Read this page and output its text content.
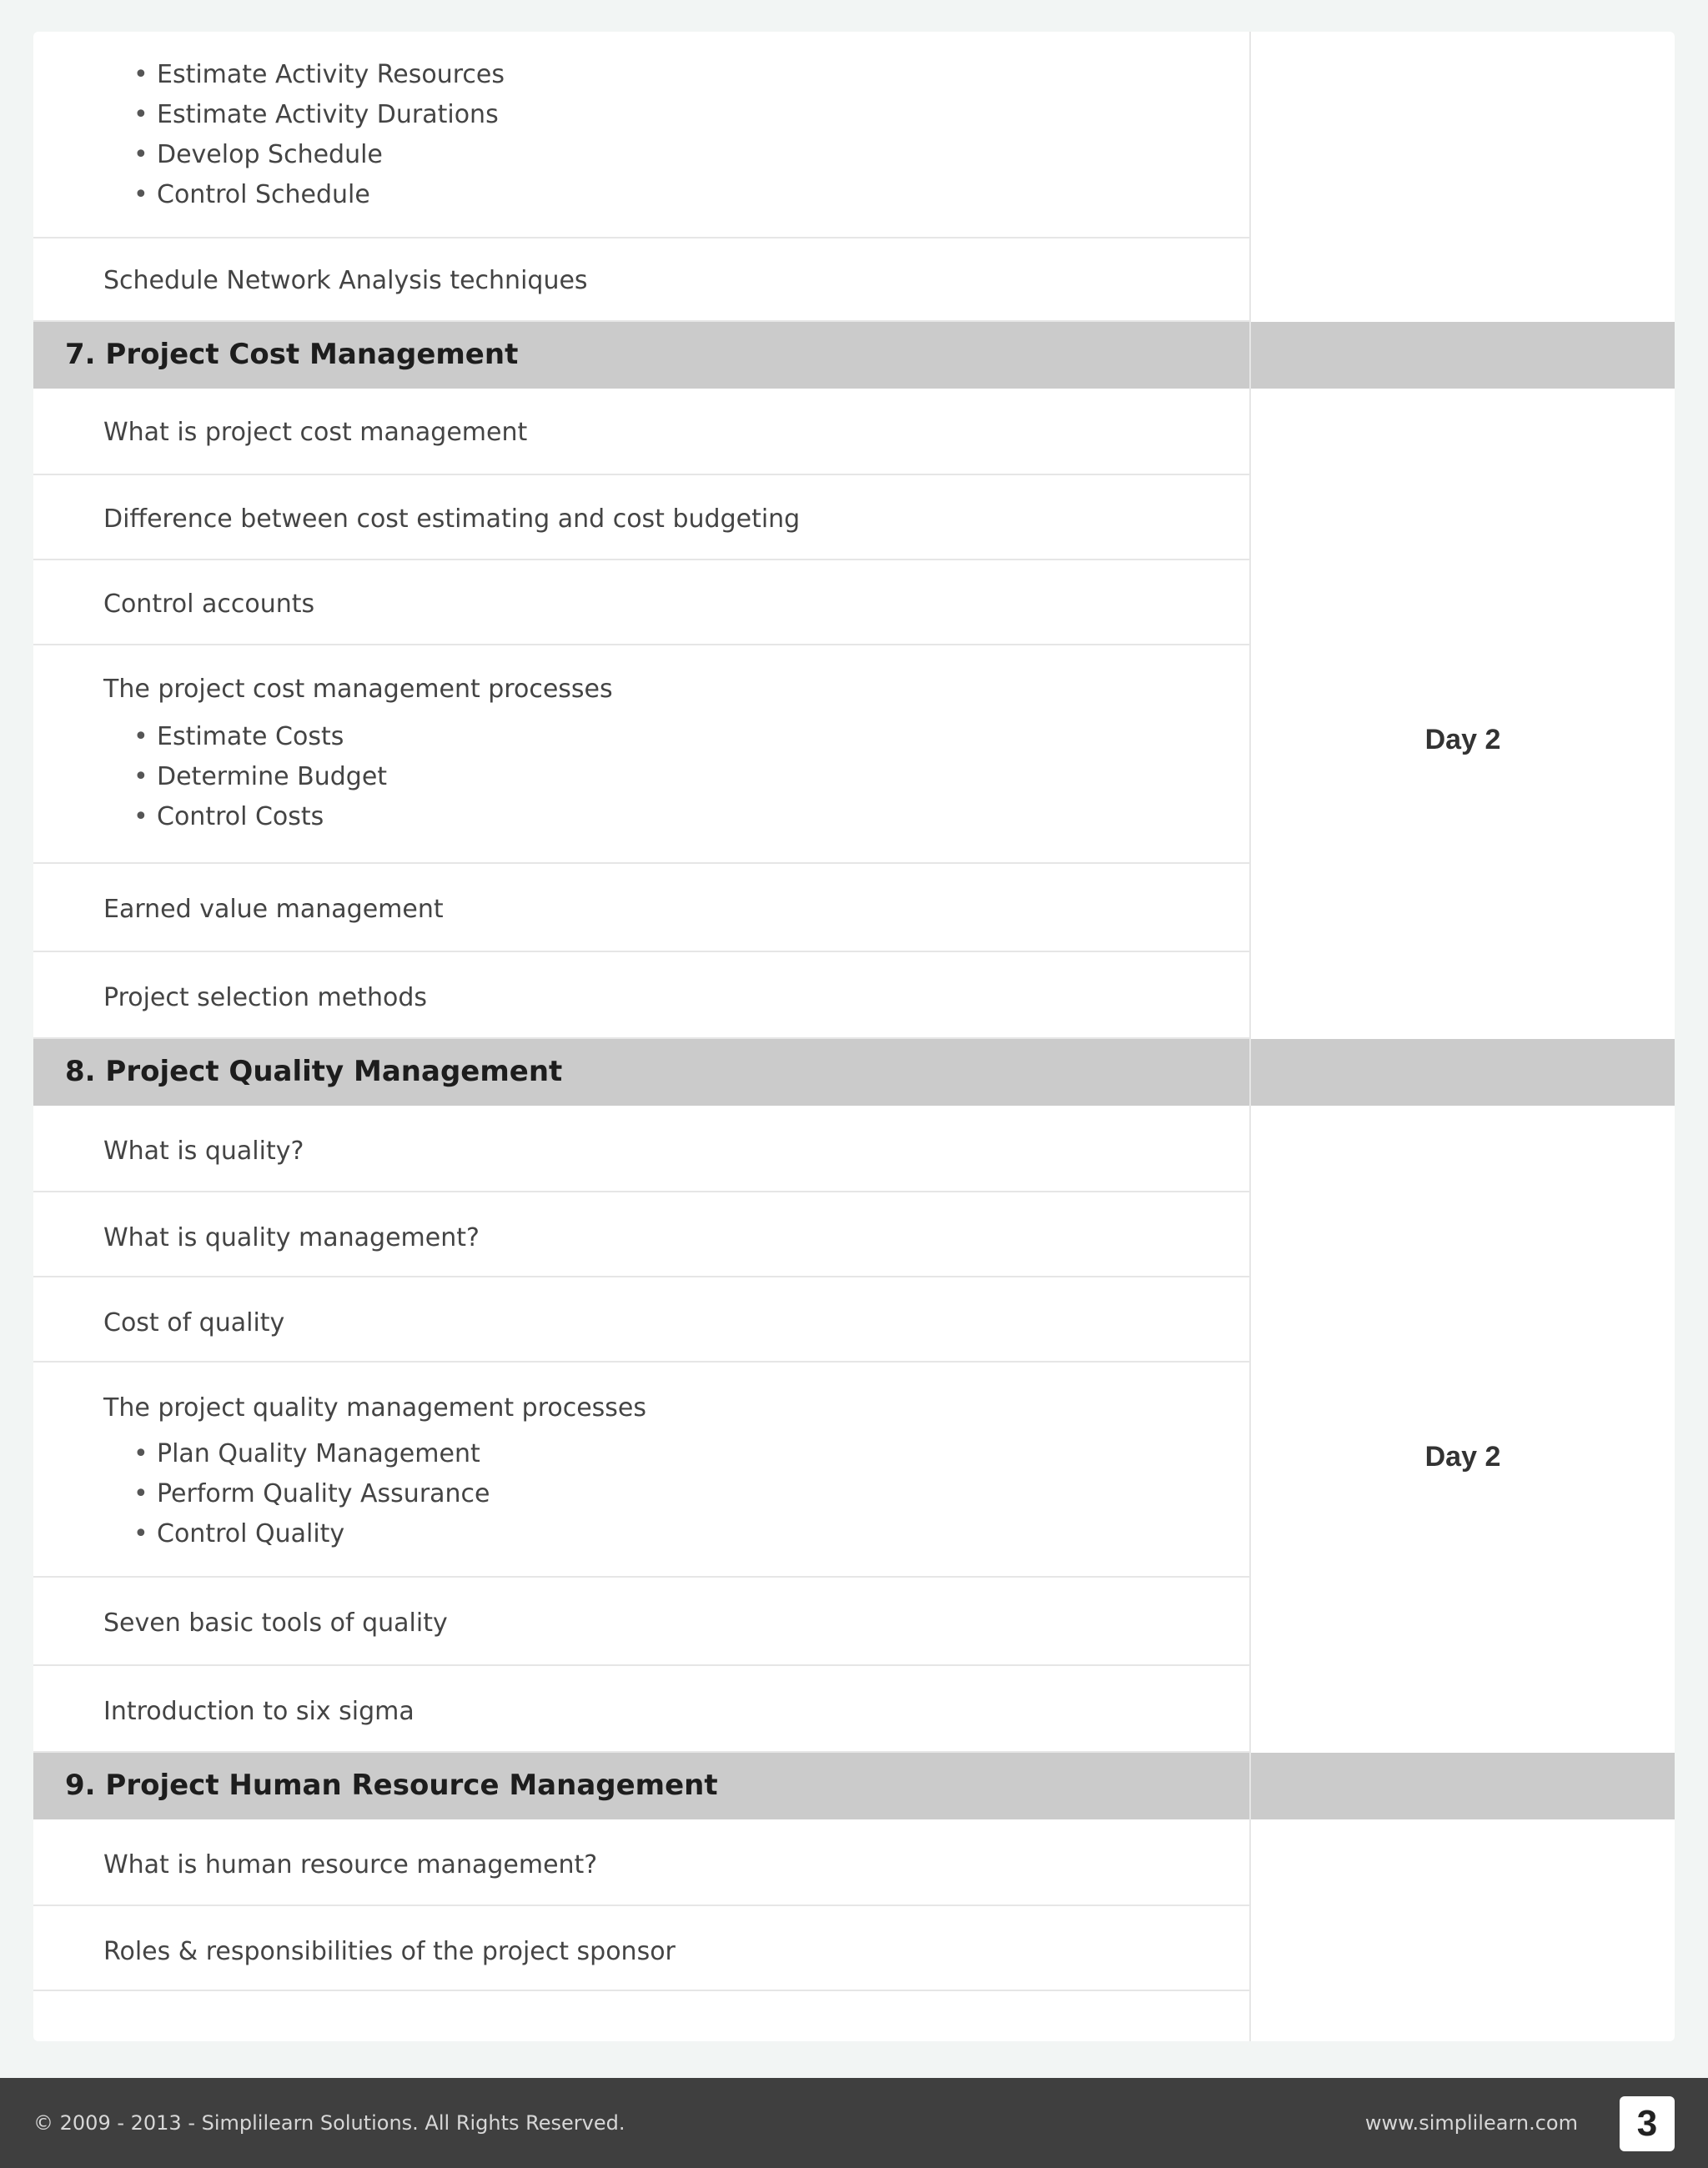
• Estimate Activity Resources
• Estimate Activity Durations
• Develop Schedule
• Control Schedule
Schedule Network Analysis techniques
7. Project Cost Management
What is project cost management
Difference between cost estimating and cost budgeting
Control accounts
The project cost management processes
• Estimate Costs
• Determine Budget
• Control Costs
Earned value management
Project selection methods
Day 2
8. Project Quality Management
What is quality?
What is quality management?
Cost of quality
The project quality management processes
• Plan Quality Management
• Perform Quality Assurance
• Control Quality
Seven basic tools of quality
Introduction to six sigma
Day 2
9. Project Human Resource Management
What is human resource management?
Roles & responsibilities of the project sponsor
© 2009 - 2013 - Simplilearn Solutions. All Rights Reserved.	www.simplilearn.com	3
